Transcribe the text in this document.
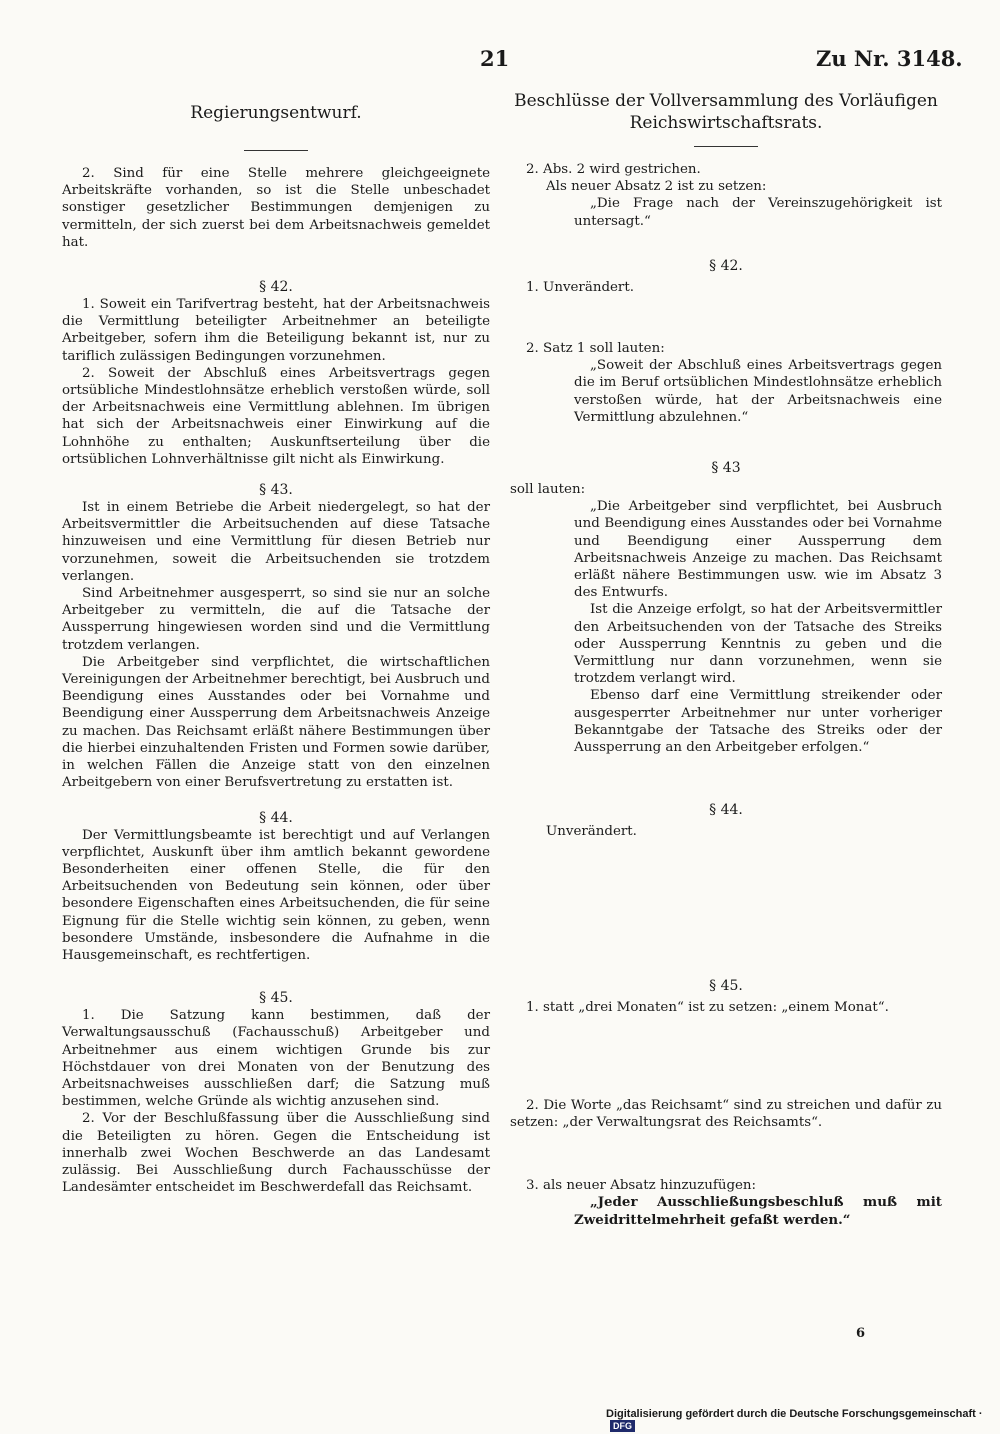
21	Zu Nr. 3148.

Regierungsentwurf.

2. Sind für eine Stelle mehrere gleichgeeignete Arbeitskräfte vorhanden, so ist die Stelle unbeschadet sonstiger gesetzlicher Bestimmungen demjenigen zu vermitteln, der sich zuerst bei dem Arbeitsnachweis gemeldet hat.

§ 42.

1. Soweit ein Tarifvertrag besteht, hat der Arbeitsnachweis die Vermittlung beteiligter Arbeitnehmer an beteiligte Arbeitgeber, sofern ihm die Beteiligung bekannt ist, nur zu tariflich zulässigen Bedingungen vorzunehmen.

2. Soweit der Abschluß eines Arbeitsvertrags gegen ortsübliche Mindestlohnsätze erheblich verstoßen würde, soll der Arbeitsnachweis eine Vermittlung ablehnen. Im übrigen hat sich der Arbeitsnachweis einer Einwirkung auf die Lohnhöhe zu enthalten; Auskunftserteilung über die ortsüblichen Lohnverhältnisse gilt nicht als Einwirkung.

§ 43.

Ist in einem Betriebe die Arbeit niedergelegt, so hat der Arbeitsvermittler die Arbeitsuchenden auf diese Tatsache hinzuweisen und eine Vermittlung für diesen Betrieb nur vorzunehmen, soweit die Arbeitsuchenden sie trotzdem verlangen.

Sind Arbeitnehmer ausgesperrt, so sind sie nur an solche Arbeitgeber zu vermitteln, die auf die Tatsache der Aussperrung hingewiesen worden sind und die Vermittlung trotzdem verlangen.

Die Arbeitgeber sind verpflichtet, die wirtschaftlichen Vereinigungen der Arbeitnehmer berechtigt, bei Ausbruch und Beendigung eines Ausstandes oder bei Vornahme und Beendigung einer Aussperrung dem Arbeitsnachweis Anzeige zu machen. Das Reichsamt erläßt nähere Bestimmungen über die hierbei einzuhaltenden Fristen und Formen sowie darüber, in welchen Fällen die Anzeige statt von den einzelnen Arbeitgebern von einer Berufsvertretung zu erstatten ist.

§ 44.

Der Vermittlungsbeamte ist berechtigt und auf Verlangen verpflichtet, Auskunft über ihm amtlich bekannt gewordene Besonderheiten einer offenen Stelle, die für den Arbeitsuchenden von Bedeutung sein können, oder über besondere Eigenschaften eines Arbeitsuchenden, die für seine Eignung für die Stelle wichtig sein können, zu geben, wenn besondere Umstände, insbesondere die Aufnahme in die Hausgemeinschaft, es rechtfertigen.

§ 45.

1. Die Satzung kann bestimmen, daß der Verwaltungsausschuß (Fachausschuß) Arbeitgeber und Arbeitnehmer aus einem wichtigen Grunde bis zur Höchstdauer von drei Monaten von der Benutzung des Arbeitsnachweises ausschließen darf; die Satzung muß bestimmen, welche Gründe als wichtig anzusehen sind.

2. Vor der Beschlußfassung über die Ausschließung sind die Beteiligten zu hören. Gegen die Entscheidung ist innerhalb zwei Wochen Beschwerde an das Landesamt zulässig. Bei Ausschließung durch Fachausschüsse der Landesämter entscheidet im Beschwerdefall das Reichsamt.

Beschlüsse der Vollversammlung des Vorläufigen

Reichswirtschaftsrats.

2. Abs. 2 wird gestrichen.

Als neuer Absatz 2 ist zu setzen:

„Die Frage nach der Vereinszugehörigkeit ist untersagt.“

§ 42.

1. Unverändert.

2. Satz 1 soll lauten:

„Soweit der Abschluß eines Arbeitsvertrags gegen die im Beruf ortsüblichen Mindestlohnsätze erheblich verstoßen würde, hat der Arbeitsnachweis eine Vermittlung abzulehnen.“

§ 43

soll lauten:

„Die Arbeitgeber sind verpflichtet, bei Ausbruch und Beendigung eines Ausstandes oder bei Vornahme und Beendigung einer Aussperrung dem Arbeitsnachweis Anzeige zu machen. Das Reichsamt erläßt nähere Bestimmungen usw. wie im Absatz 3 des Entwurfs.

Ist die Anzeige erfolgt, so hat der Arbeitsvermittler den Arbeitsuchenden von der Tatsache des Streiks oder Aussperrung Kenntnis zu geben und die Vermittlung nur dann vorzunehmen, wenn sie trotzdem verlangt wird.

Ebenso darf eine Vermittlung streikender oder ausgesperrter Arbeitnehmer nur unter vorheriger Bekanntgabe der Tatsache des Streiks oder der Aussperrung an den Arbeitgeber erfolgen.“

§ 44.

Unverändert.

§ 45.

1. statt „drei Monaten“ ist zu setzen: „einem Monat“.

2. Die Worte „das Reichsamt“ sind zu streichen und dafür zu setzen: „der Verwaltungsrat des Reichsamts“.

3. als neuer Absatz hinzuzufügen:

„Jeder Ausschließungsbeschluß muß mit Zweidrittelmehrheit gefaßt werden.“

6
Digitalisierung gefördert durch die Deutsche Forschungsgemeinschaft ·DFG
